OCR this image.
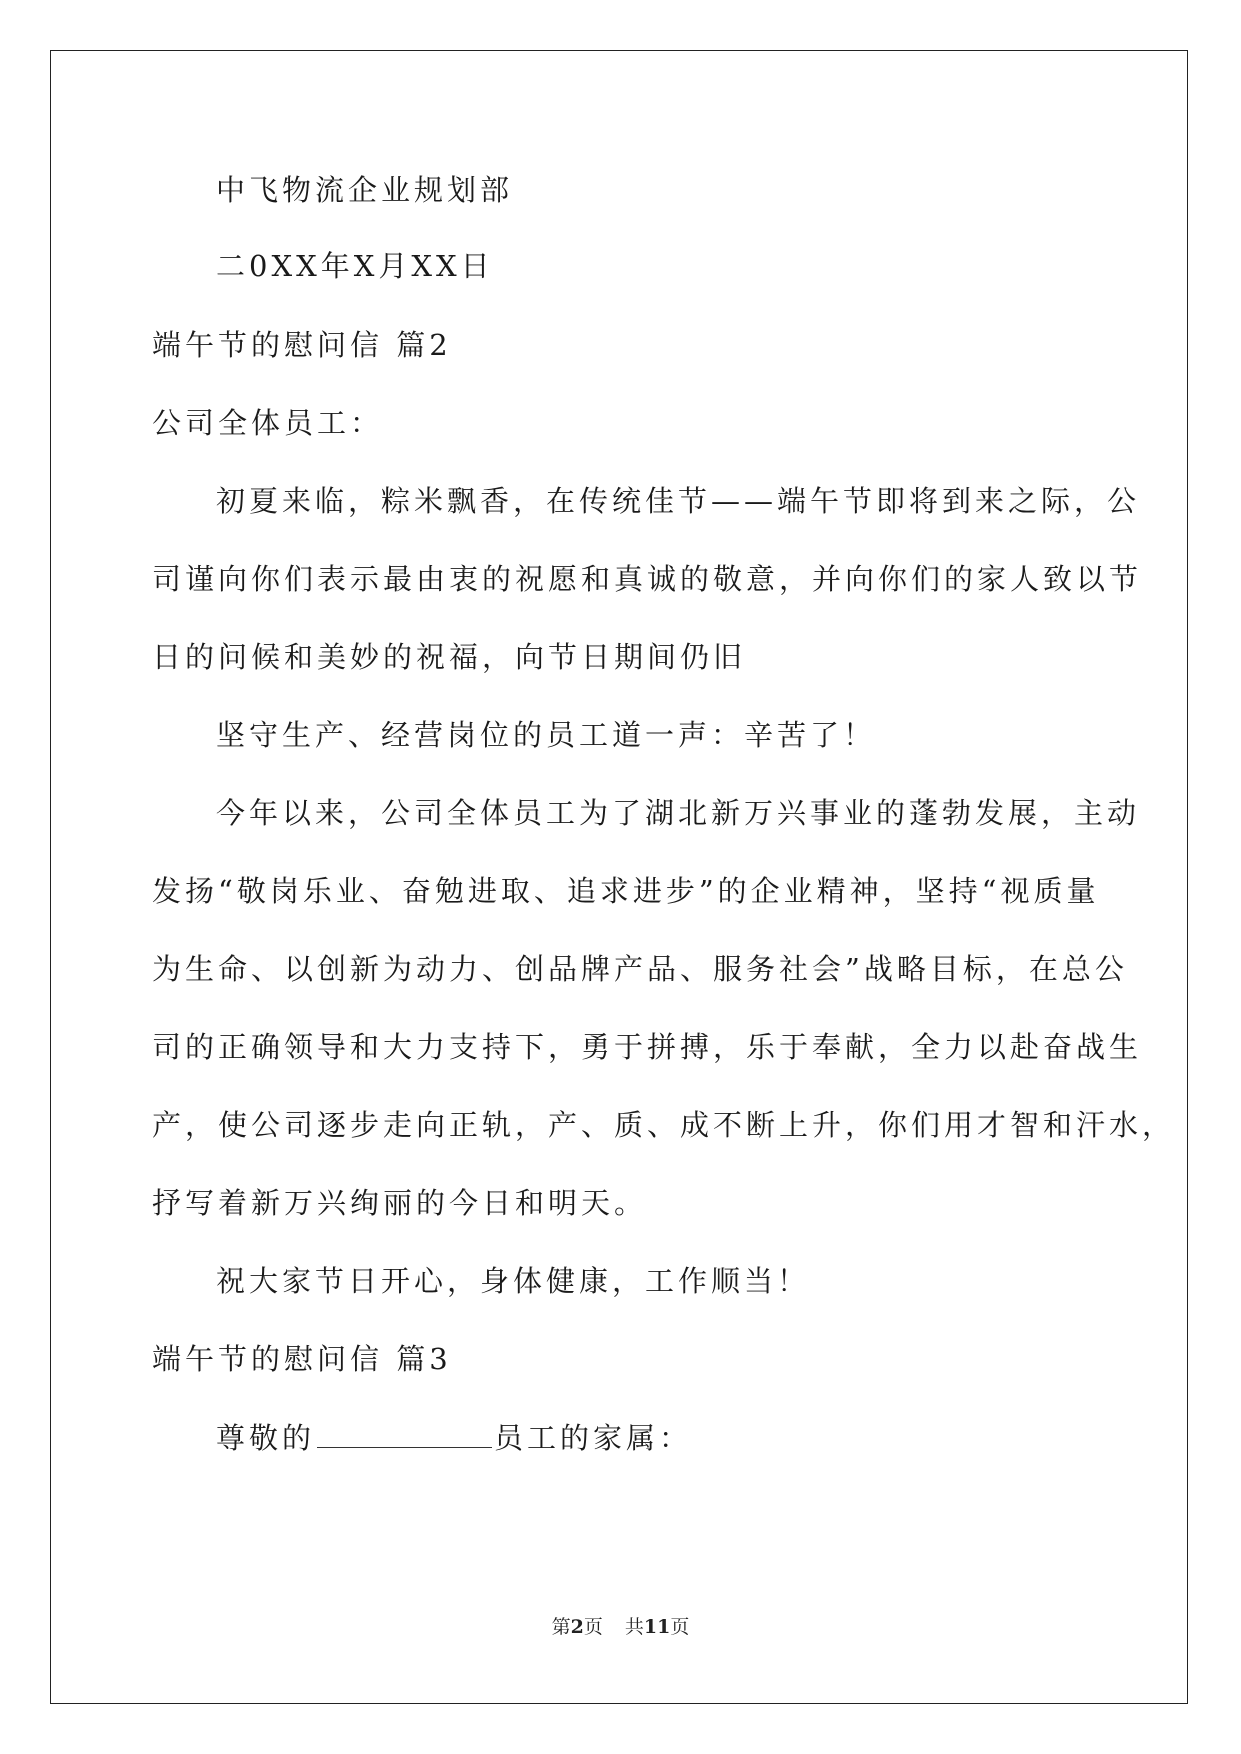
中飞物流企业规划部
二0XX年X月XX日
端午节的慰问信 篇2
公司全体员工：
初夏来临，粽米飘香，在传统佳节——端午节即将到来之际，公
司谨向你们表示最由衷的祝愿和真诚的敬意，并向你们的家人致以节
日的问候和美妙的祝福，向节日期间仍旧
坚守生产、经营岗位的员工道一声：辛苦了！
今年以来，公司全体员工为了湖北新万兴事业的蓬勃发展，主动
发扬“敬岗乐业、奋勉进取、追求进步”的企业精神，坚持“视质量
为生命、以创新为动力、创品牌产品、服务社会”战略目标，在总公
司的正确领导和大力支持下，勇于拼搏，乐于奉献，全力以赴奋战生
产，使公司逐步走向正轨，产、质、成不断上升，你们用才智和汗水，
抒写着新万兴绚丽的今日和明天。
祝大家节日开心，身体健康，工作顺当！
端午节的慰问信 篇3
尊敬的	员工的家属：
第2页 共11页
